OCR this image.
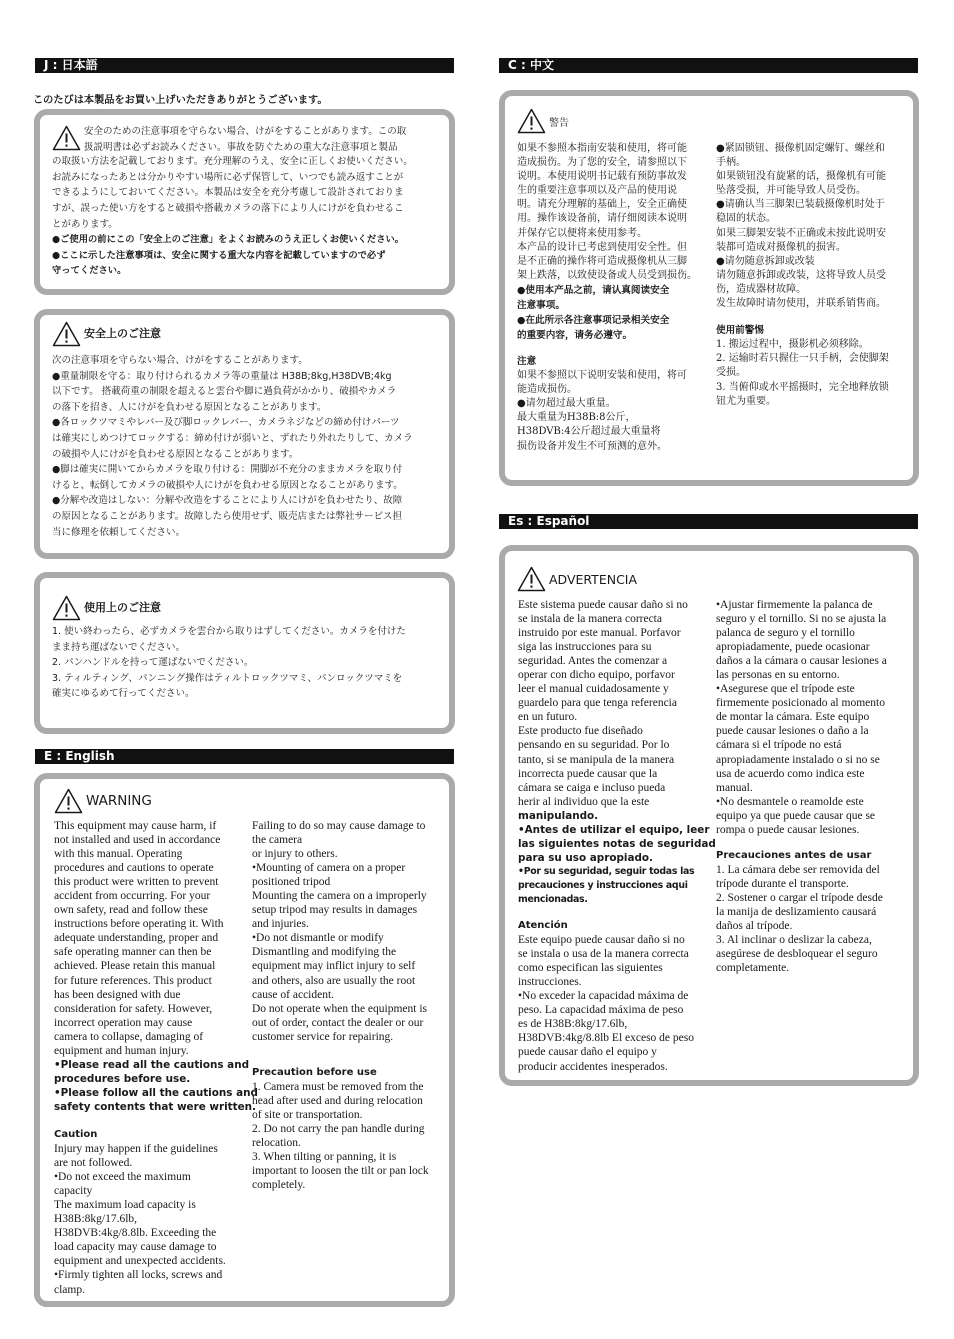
J : 日本語	C : 中文
Es : Español
E : English
このたびは本製品をお買い上げいただきありがとうございます。

安全のための注意事項を守らない場合、けがをすることがあります。この取

扱説明書は必ずお読みください。事故を防ぐための重大な注意事項と製品

の取扱い方法を記載しております。充分理解のうえ、安全に正しくお使いください。

お読みになったあとは分かりやすい場所に必ず保管して、いつでも読み返すことが

できるようにしておいてください。本製品は安全を充分考慮して設計されておりま

すが、誤った使い方をすると破損や搭載カメラの落下により人にけがを負わせるこ

とがあります。

●ご使用の前にこの「安全上のご注意」をよくお読みのうえ正しくお使いください。

●ここに示した注意事項は、安全に関する重大な内容を記載していますので必ず

守ってください。

安全上のご注意

次の注意事項を守らない場合、けがをすることがあります。

●重量制限を守る：取り付けられるカメラ等の重量は H38B;8kg,H38DVB;4kg

以下です。 搭載荷重の制限を超えると雲台や脚に過負荷がかかり、破損やカメラ

の落下を招き、人にけがを負わせる原因となることがあります。

●各ロックツマミやレバー及び脚ロックレバー、カメラネジなどの締め付けパーツ

は確実にしめつけてロックする：締め付けが弱いと、ずれたり外れたりして、カメラ

の破損や人にけがを負わせる原因となることがあります。

●脚は確実に開いてからカメラを取り付ける：開脚が不充分のままカメラを取り付

けると、転倒してカメラの破損や人にけがを負わせる原因となることがあります。

●分解や改造はしない：分解や改造をすることにより人にけがを負わせたり、故障

の原因となることがあります。故障したら使用せず、販売店または弊社サービス担

当に修理を依頼してください。

使用上のご注意

1. 使い終わったら、必ずカメラを雲台から取りはずしてください。カメラを付けた

まま持ち運ばないでください。

2. パンハンドルを持って運ばないでください。

3. ティルティング、パンニング操作はティルトロックツマミ、パンロックツマミを

確実にゆるめて行ってください。

WARNING

This equipment may cause harm, if

not installed and used in accordance

with this manual. Operating

procedures and cautions to operate

this product were written to prevent

accident from occurring. For your

own safety, read and follow these

instructions before operating it. With

adequate understanding, proper and

safe operating manner can then be

achieved. Please retain this manual

for future references. This product

has been designed with due

consideration for safety. However,

incorrect operation may cause

camera to collapse, damaging of

equipment and human injury.

•Please read all the cautions and

procedures before use.

•Please follow all the cautions and

safety contents that were written.

Caution

Injury may happen if the guidelines

are not followed.

•Do not exceed the maximum

capacity

The maximum load capacity is

H38B:8kg/17.6lb,

H38DVB:4kg/8.8lb. Exceeding the

load capacity may cause damage to

equipment and unexpected accidents.

•Firmly tighten all locks, screws and

clamp.

Failing to do so may cause damage to

the camera

or injury to others.

•Mounting of camera on a proper

positioned tripod

Mounting the camera on a improperly

setup tripod may results in damages

and injuries.

•Do not dismantle or modify

Dismantling and modifying the

equipment may inflict injury to self

and others, also are usually the root

cause of accident.

Do not operate when the equipment is

out of order, contact the dealer or our

customer service for repairing.

Precaution before use

1. Camera must be removed from the

head after used and during relocation

of site or transportation.

2. Do not carry the pan handle during

relocation.

3. When tilting or panning, it is

important to loosen the tilt or pan lock

completely.

警告

如果不参照本指南安装和使用，将可能

造成损伤。为了您的安全，请参照以下

说明。本使用说明书记载有预防事故发

生的重要注意事项以及产品的使用说

明。请充分理解的基础上，安全正确使

用。操作该设备前，请仔细阅读本说明

并保存它以便将来使用参考。

本产品的设计已考虑到使用安全性。但

是不正确的操作将可造成摄像机从三脚

架上跌落，以致使设备或人员受到损伤。

●使用本产品之前，请认真阅读安全

注意事项。

●在此所示各注意事项记录相关安全

的重要内容，请务必遵守。

注意

如果不参照以下说明安装和使用，将可

能造成损伤。

●请勿超过最大重量。

最大重量为H38B:8公斤，

H38DVB:4公斤超过最大重量将

损伤设备并发生不可预测的意外。

●紧固锁钮、摄像机固定螺钉、螺丝和

手柄。

如果锁钮没有旋紧的话，摄像机有可能

坠落受损，并可能导致人员受伤。

●请确认当三脚架已装载摄像机时处于

稳固的状态。

如果三脚架安装不正确或未按此说明安

装都可造成对摄像机的损害。

●请勿随意拆卸或改装

请勿随意拆卸或改装，这将导致人员受

伤，造成器材故障。

发生故障时请勿使用，并联系销售商。

使用前警惕

1. 搬运过程中，摄影机必须移除。

2. 运输时若只握住一只手柄，会使脚架

受损。

3. 当俯仰或水平摇摄时，完全地释放锁

钮尤为重要。

ADVERTENCIA

Este sistema puede causar daño si no

se instala de la manera correcta

instruido por este manual. Porfavor

siga las instrucciones para su

seguridad. Antes the comenzar a

operar con dicho equipo, porfavor

leer el manual cuidadosamente y

guardelo para que tenga referencia

en un futuro.

Este producto fue diseñado

pensando en su seguridad. Por lo

tanto, si se manipula de la manera

incorrecta puede causar que la

cámara se caiga e incluso pueda

herir al individuo que la este

manipulando.

•Antes de utilizar el equipo, leer

las siguientes notas de seguridad

para su uso apropiado.

•Por su seguridad, seguir todas las

precauciones y instrucciones aqui

mencionadas.

Atención

Este equipo puede causar daño si no

se instala o usa de la manera correcta

como especifican las siguientes

instrucciones.

•No exceder la capacidad máxima de

peso. La capacidad máxima de peso

es de H38B:8kg/17.6lb,

H38DVB:4kg/8.8lb El exceso de peso

puede causar daño el equipo y

producir accidentes inesperados.

•Ajustar firmemente la palanca de

seguro y el tornillo. Si no se ajusta la

palanca de seguro y el tornillo

apropiadamente, puede ocasionar

daños a la cámara o causar lesiones a

las personas en su entorno.

•Asegurese que el trípode este

firmemente posicionado al momento

de montar la cámara. Este equipo

puede causar lesiones o daño a la

cámara si el trípode no está

apropiadamente instalado o si no se

usa de acuerdo como indica este

manual.

•No desmantele o reamolde este

equipo ya que puede causar que se

rompa o puede causar lesiones.

Precauciones antes de usar

1. La cámara debe ser removida del

trípode durante el transporte.

2. Sostener o cargar el trípode desde

la manija de deslizamiento causará

daños al trípode.

3. Al inclinar o deslizar la cabeza,

asegúrese de desbloquear el seguro

completamente.
